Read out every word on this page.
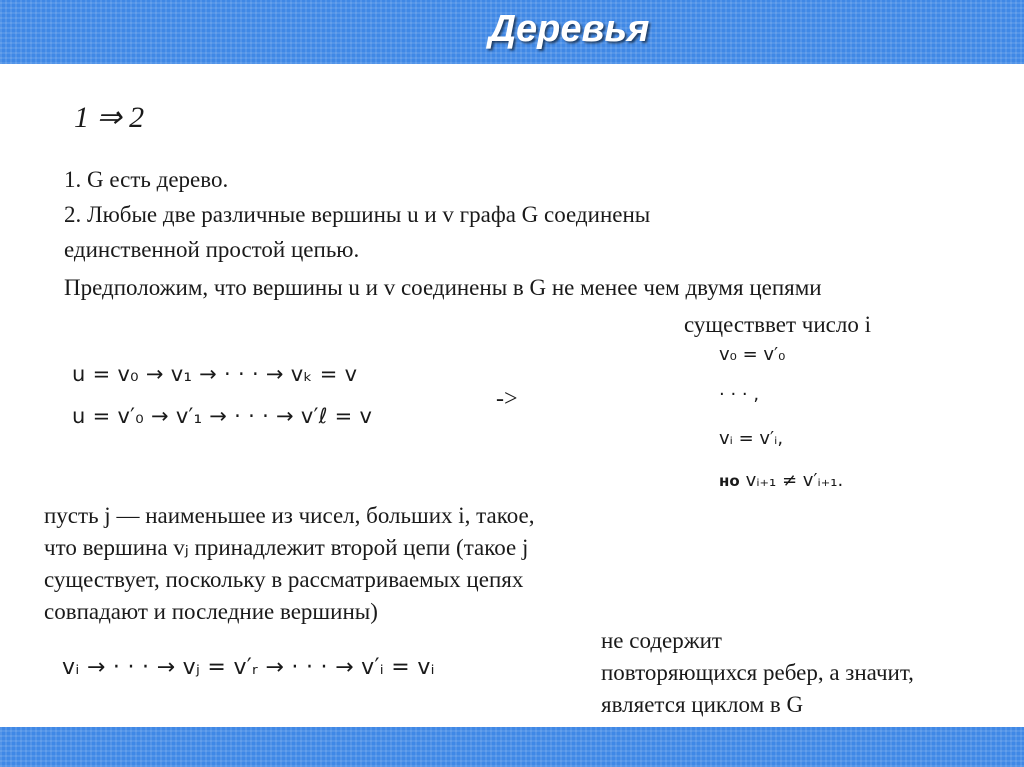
Деревья
1 ⇒ 2
1. G есть дерево.
2. Любые две различные вершины u и v графа G соединены
единственной простой цепью.
Предположим, что вершины u и v соединены в G не менее чем двумя цепями
существвет число i
u = v₀ → v₁ → · · · → vₖ = v
u = v′₀ → v′₁ → · · · → v′ℓ = v
->
v₀ = v′₀
· · · ,
vᵢ = v′ᵢ,
но vᵢ₊₁ ≠ v′ᵢ₊₁.
пусть j — наименьшее из чисел, больших i, такое,
что вершина vⱼ принадлежит второй цепи (такое j
существует, поскольку в рассматриваемых цепях
совпадают и последние вершины)
vᵢ → · · · → vⱼ = v′ᵣ → · · · → v′ᵢ = vᵢ
не содержит
повторяющихся ребер, а значит,
является циклом в G
